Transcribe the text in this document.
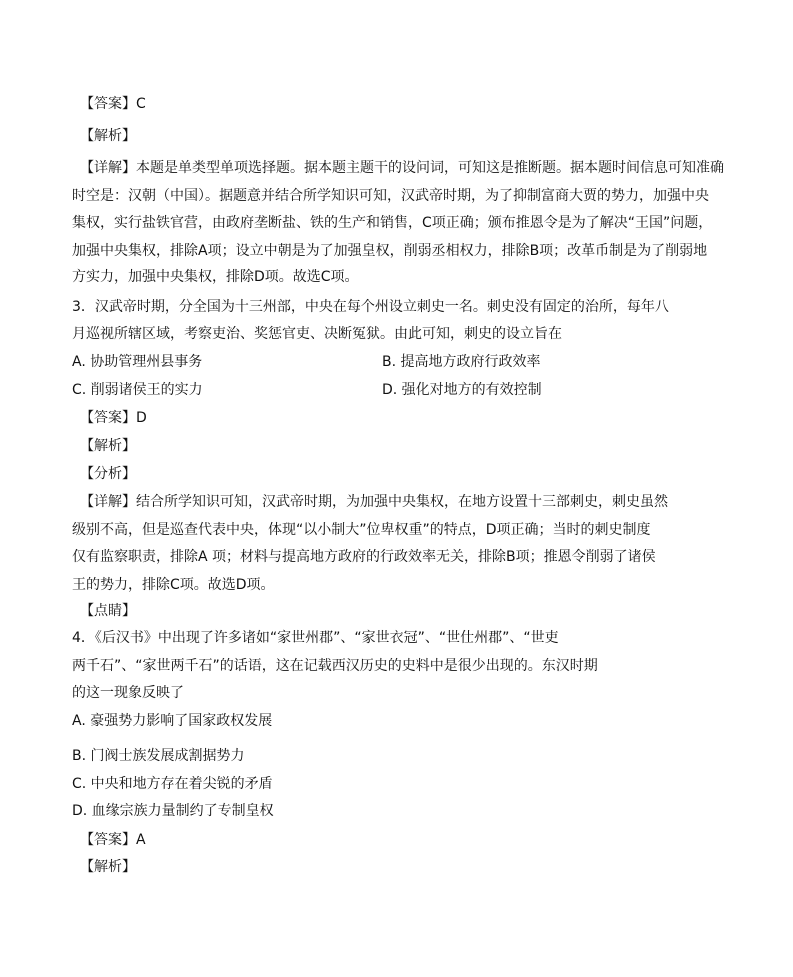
【答案】C
【解析】
【详解】本题是单类型单项选择题。据本题主题干的设问词，可知这是推断题。据本题时间信息可知准确
时空是：汉朝（中国）。据题意并结合所学知识可知，汉武帝时期，为了抑制富商大贾的势力，加强中央
集权，实行盐铁官营，由政府垄断盐、铁的生产和销售，C项正确；颁布推恩令是为了解决“王国”问题，
加强中央集权，排除A项；设立中朝是为了加强皇权，削弱丞相权力，排除B项；改革币制是为了削弱地
方实力，加强中央集权，排除D项。故选C项。
3．汉武帝时期，分全国为十三州部，中央在每个州设立刺史一名。刺史没有固定的治所，每年八
月巡视所辖区域，考察吏治、奖惩官吏、决断冤狱。由此可知，刺史的设立旨在
A. 协助管理州县事务	B. 提高地方政府行政效率
C. 削弱诸侯王的实力	D. 强化对地方的有效控制
【答案】D
【解析】
【分析】
【详解】结合所学知识可知，汉武帝时期，为加强中央集权，在地方设置十三部刺史，刺史虽然
级别不高，但是巡查代表中央，体现“以小制大”位卑权重”的特点，D项正确；当时的刺史制度
仅有监察职责，排除A 项；材料与提高地方政府的行政效率无关，排除B项；推恩令削弱了诸侯
王的势力，排除C项。故选D项。
【点睛】
4．《后汉书》中出现了许多诸如“家世州郡”、“家世衣冠”、“世仕州郡”、“世吏
两千石”、“家世两千石”的话语，这在记载西汉历史的史料中是很少出现的。东汉时期
的这一现象反映了
A. 豪强势力影响了国家政权发展
B. 门阀士族发展成割据势力
C. 中央和地方存在着尖锐的矛盾
D. 血缘宗族力量制约了专制皇权
【答案】A
【解析】
